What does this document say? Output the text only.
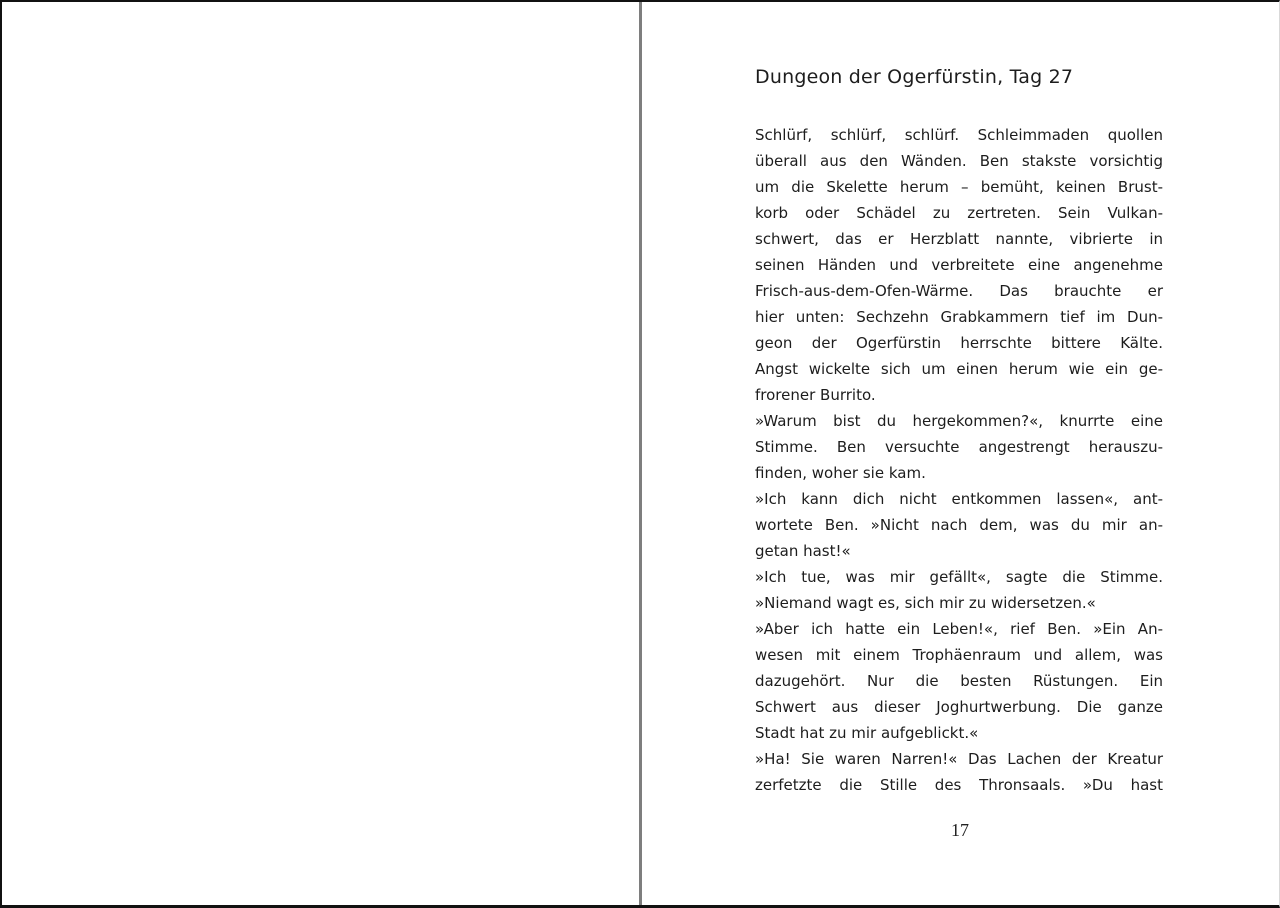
Dungeon der Ogerfürstin, Tag 27
Schlürf, schlürf, schlürf. Schleimmaden quollen
überall aus den Wänden. Ben stakste vorsichtig
um die Skelette herum – bemüht, keinen Brust-
korb oder Schädel zu zertreten. Sein Vulkan-
schwert, das er Herzblatt nannte, vibrierte in
seinen Händen und verbreitete eine angenehme
Frisch-aus-dem-Ofen-Wärme. Das brauchte er
hier unten: Sechzehn Grabkammern tief im Dun-
geon der Ogerfürstin herrschte bittere Kälte.
Angst wickelte sich um einen herum wie ein ge-
frorener Burrito.
»Warum bist du hergekommen?«, knurrte eine
Stimme. Ben versuchte angestrengt herauszu-
finden, woher sie kam.
»Ich kann dich nicht entkommen lassen«, ant-
wortete Ben. »Nicht nach dem, was du mir an-
getan hast!«
»Ich tue, was mir gefällt«, sagte die Stimme.
»Niemand wagt es, sich mir zu widersetzen.«
»Aber ich hatte ein Leben!«, rief Ben. »Ein An-
wesen mit einem Trophäenraum und allem, was
dazugehört. Nur die besten Rüstungen. Ein
Schwert aus dieser Joghurtwerbung. Die ganze
Stadt hat zu mir aufgeblickt.«
»Ha! Sie waren Narren!« Das Lachen der Kreatur
zerfetzte die Stille des Thronsaals. »Du hast
17
